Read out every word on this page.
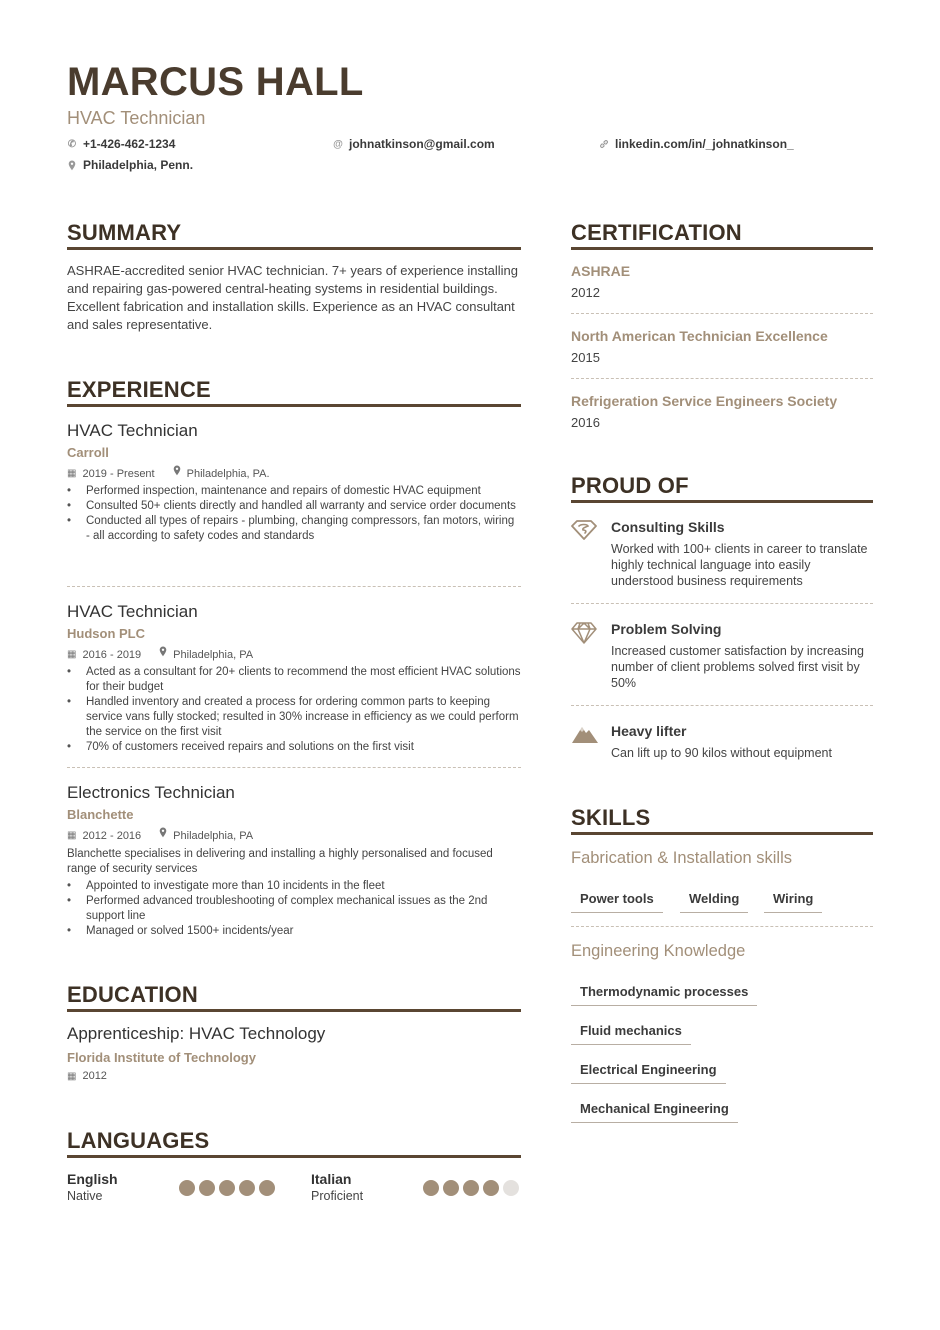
MARCUS HALL
HVAC Technician
✆ +1-426-462-1234	@ johnatkinson@gmail.com	linkedin.com/in/_johnatkinson_
Philadelphia, Penn.
SUMMARY
ASHRAE-accredited senior HVAC technician. 7+ years of experience installing and repairing gas-powered central-heating systems in residential buildings. Excellent fabrication and installation skills. Experience as an HVAC consultant and sales representative.
EXPERIENCE
HVAC Technician
Carroll
▦ 2019 - Present	Philadelphia, PA.
• Performed inspection, maintenance and repairs of domestic HVAC equipment
• Consulted 50+ clients directly and handled all warranty and service order documents
• Conducted all types of repairs - plumbing, changing compressors, fan motors, wiring - all according to safety codes and standards
HVAC Technician
Hudson PLC
▦ 2016 - 2019	Philadelphia, PA
• Acted as a consultant for 20+ clients to recommend the most efficient HVAC solutions for their budget
• Handled inventory and created a process for ordering common parts to keeping service vans fully stocked; resulted in 30% increase in efficiency as we could perform the service on the first visit
• 70% of customers received repairs and solutions on the first visit
Electronics Technician
Blanchette
▦ 2012 - 2016	Philadelphia, PA
Blanchette specialises in delivering and installing a highly personalised and focused range of security services
• Appointed to investigate more than 10 incidents in the fleet
• Performed advanced troubleshooting of complex mechanical issues as the 2nd support line
• Managed or solved 1500+ incidents/year
EDUCATION
Apprenticeship: HVAC Technology
Florida Institute of Technology
▦ 2012
LANGUAGES
English
Native
Italian
Proficient
CERTIFICATION
ASHRAE
2012
North American Technician Excellence
2015
Refrigeration Service Engineers Society
2016
PROUD OF
Consulting Skills
Worked with 100+ clients in career to translate highly technical language into easily understood business requirements
Problem Solving
Increased customer satisfaction by increasing number of client problems solved first visit by 50%
Heavy lifter
Can lift up to 90 kilos without equipment
SKILLS
Fabrication & Installation skills
Power tools	Welding	Wiring
Engineering Knowledge
Thermodynamic processes
Fluid mechanics
Electrical Engineering
Mechanical Engineering
